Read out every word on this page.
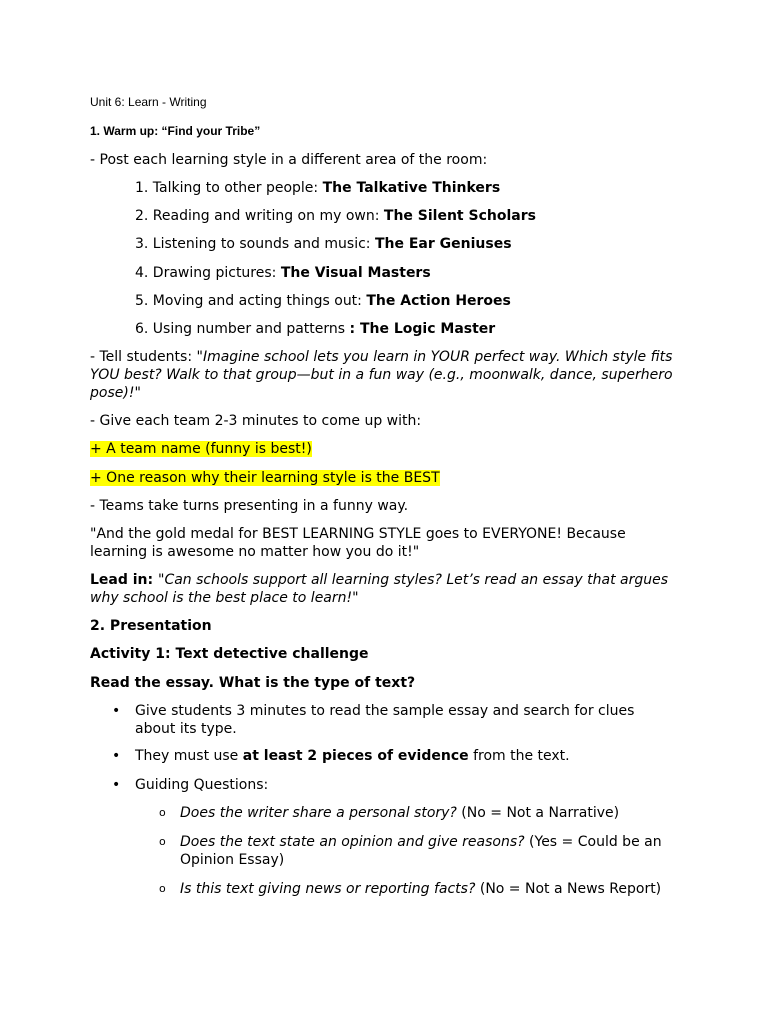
Unit 6: Learn - Writing
1. Warm up: “Find your Tribe”
- Post each learning style in a different area of the room:
1. Talking to other people: The Talkative Thinkers
2. Reading and writing on my own: The Silent Scholars
3. Listening to sounds and music: The Ear Geniuses
4. Drawing pictures: The Visual Masters
5. Moving and acting things out: The Action Heroes
6. Using number and patterns : The Logic Master
- Tell students: "Imagine school lets you learn in YOUR perfect way. Which style fits YOU best? Walk to that group—but in a fun way (e.g., moonwalk, dance, superhero pose)!"
- Give each team 2-3 minutes to come up with:
+ A team name (funny is best!)
+ One reason why their learning style is the BEST
- Teams take turns presenting in a funny way.
"And the gold medal for BEST LEARNING STYLE goes to EVERYONE! Because learning is awesome no matter how you do it!"
Lead in: "Can schools support all learning styles? Let’s read an essay that argues why school is the best place to learn!"
2. Presentation
Activity 1: Text detective challenge
Read the essay. What is the type of text?
• Give students 3 minutes to read the sample essay and search for clues about its type.
• They must use at least 2 pieces of evidence from the text.
• Guiding Questions:
o Does the writer share a personal story? (No = Not a Narrative)
o Does the text state an opinion and give reasons? (Yes = Could be an Opinion Essay)
o Is this text giving news or reporting facts? (No = Not a News Report)
